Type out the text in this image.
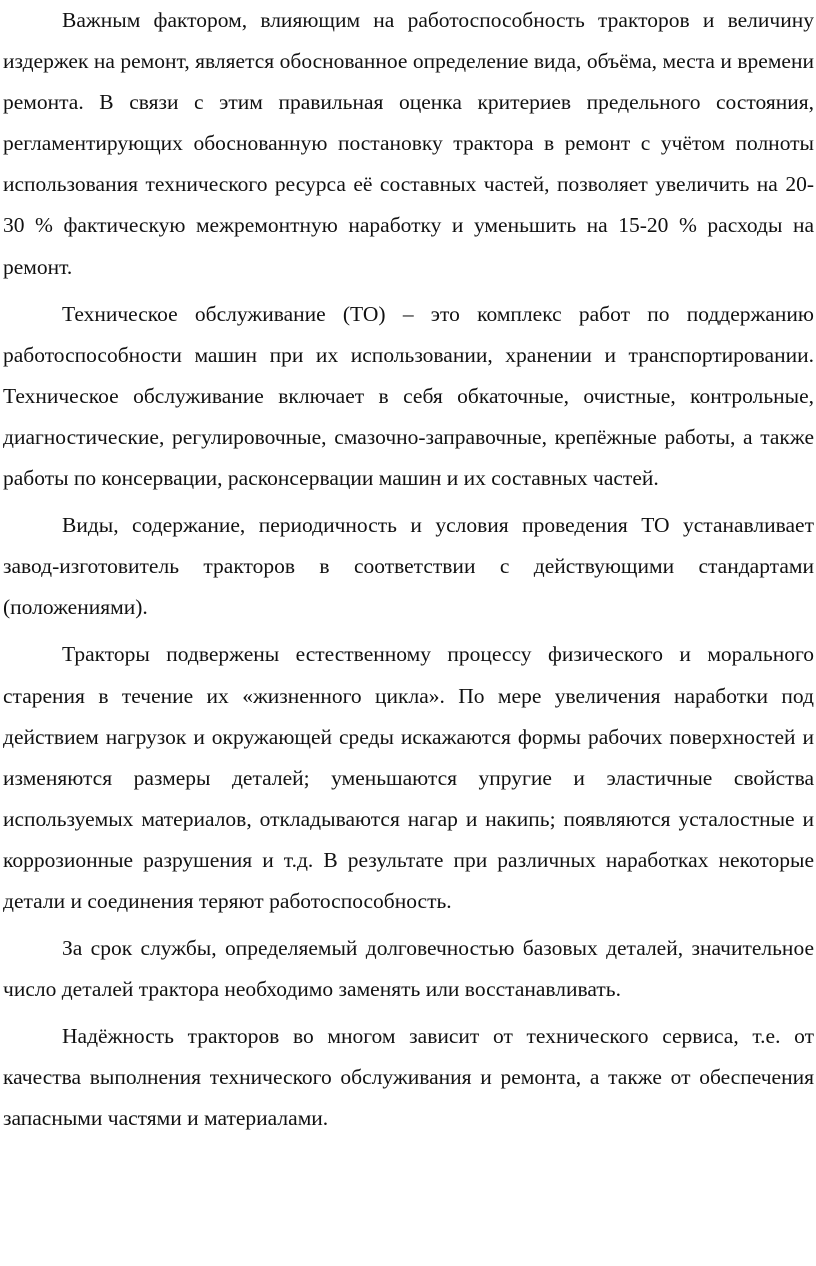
Важным фактором, влияющим на работоспособность тракторов и величину издержек на ремонт, является обоснованное определение вида, объёма, места и времени ремонта. В связи с этим правильная оценка критериев предельного состояния, регламентирующих обоснованную постановку трактора в ремонт с учётом полноты использования технического ресурса её составных частей, позволяет увеличить на 20-30 % фактическую межремонтную наработку и уменьшить на 15-20 % расходы на ремонт.

Техническое обслуживание (ТО) – это комплекс работ по поддержанию работоспособности машин при их использовании, хранении и транспортировании. Техническое обслуживание включает в себя обкаточные, очистные, контрольные, диагностические, регулировочные, смазочно-заправочные, крепёжные работы, а также работы по консервации, расконсервации машин и их составных частей.

Виды, содержание, периодичность и условия проведения ТО устанавливает завод-изготовитель тракторов в соответствии с действующими стандартами (положениями).

Тракторы подвержены естественному процессу физического и морального старения в течение их «жизненного цикла». По мере увеличения наработки под действием нагрузок и окружающей среды искажаются формы рабочих поверхностей и изменяются размеры деталей; уменьшаются упругие и эластичные свойства используемых материалов, откладываются нагар и накипь; появляются усталостные и коррозионные разрушения и т.д. В результате при различных наработках некоторые детали и соединения теряют работоспособность.

За срок службы, определяемый долговечностью базовых деталей, значительное число деталей трактора необходимо заменять или восстанавливать.

Надёжность тракторов во многом зависит от технического сервиса, т.е. от качества выполнения технического обслуживания и ремонта, а также от обеспечения запасными частями и материалами.
